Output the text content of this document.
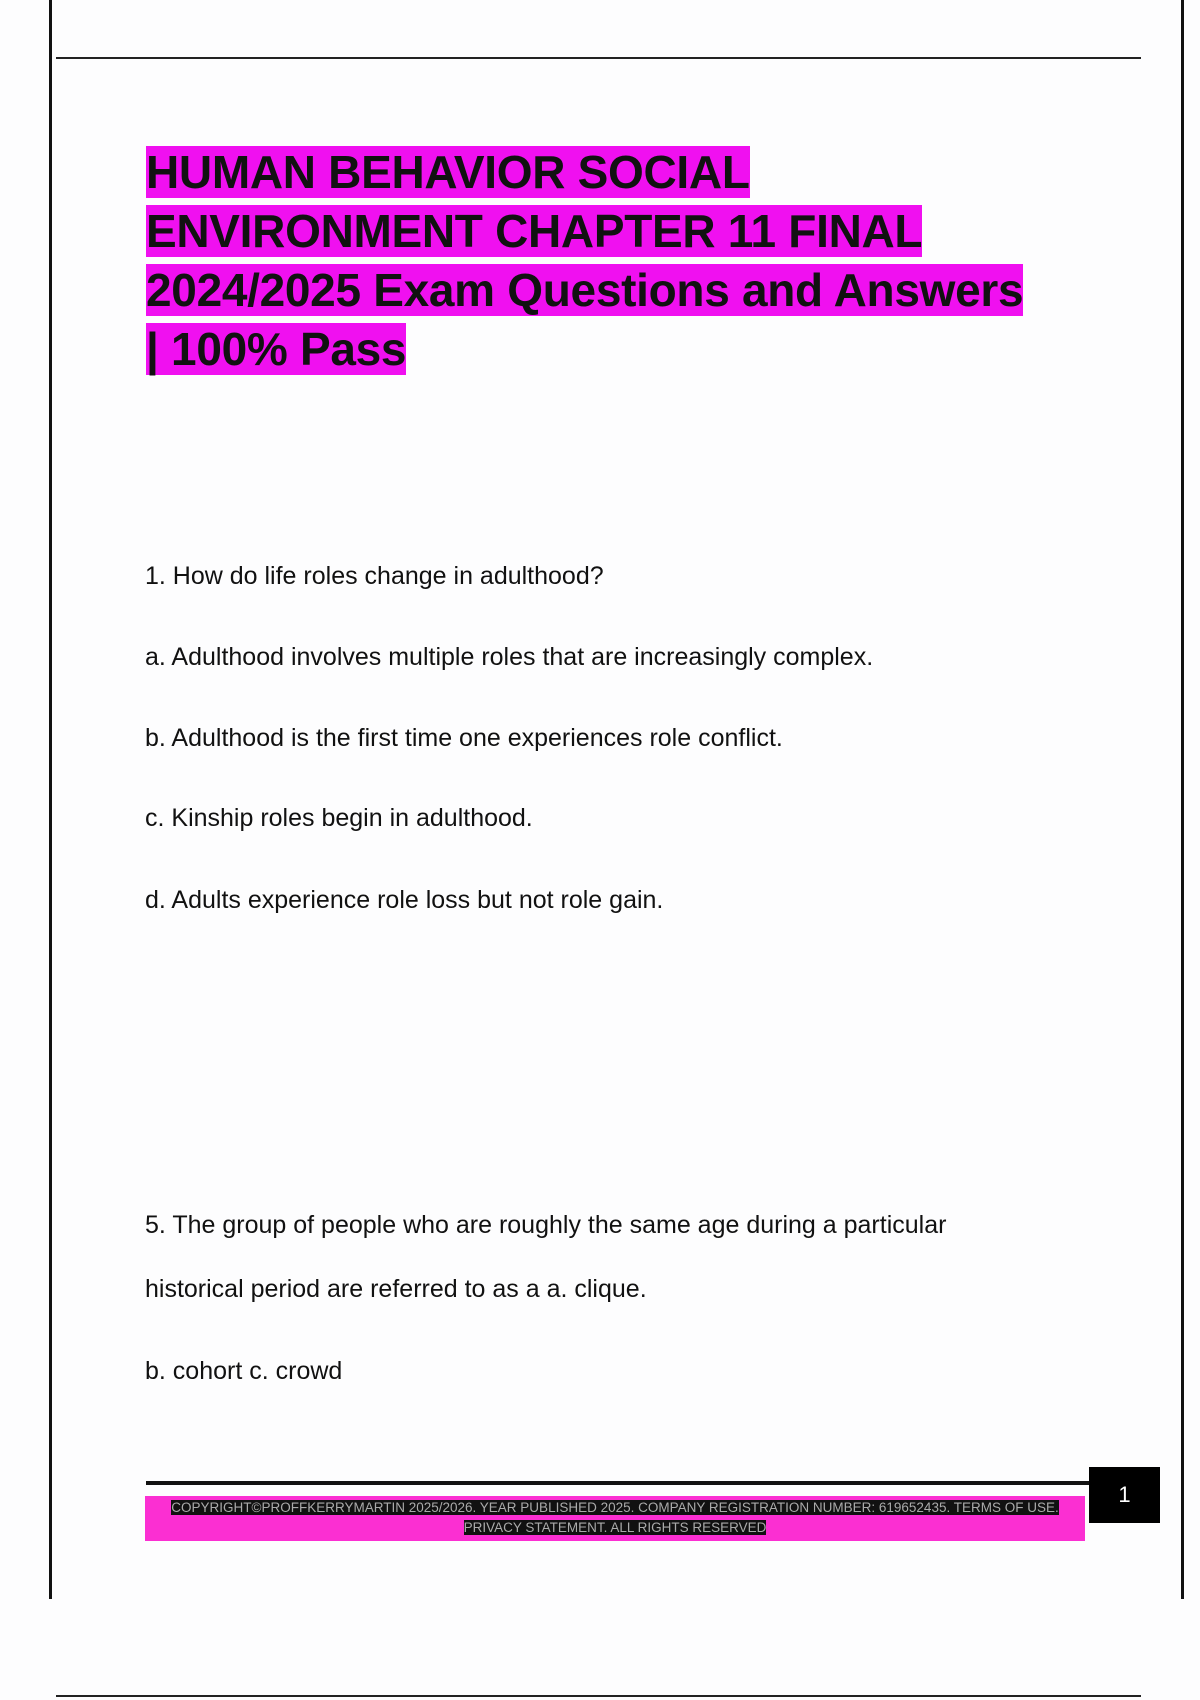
HUMAN BEHAVIOR SOCIAL
ENVIRONMENT CHAPTER 11 FINAL
2024/2025 Exam Questions and Answers
| 100% Pass
1. How do life roles change in adulthood?
a. Adulthood involves multiple roles that are increasingly complex.
b. Adulthood is the first time one experiences role conflict.
c. Kinship roles begin in adulthood.
d. Adults experience role loss but not role gain.
5. The group of people who are roughly the same age during a particular
historical period are referred to as a a. clique.
b. cohort c. crowd
COPYRIGHT©PROFFKERRYMARTIN 2025/2026. YEAR PUBLISHED 2025. COMPANY REGISTRATION NUMBER: 619652435. TERMS OF USE.
PRIVACY STATEMENT. ALL RIGHTS RESERVED
1
